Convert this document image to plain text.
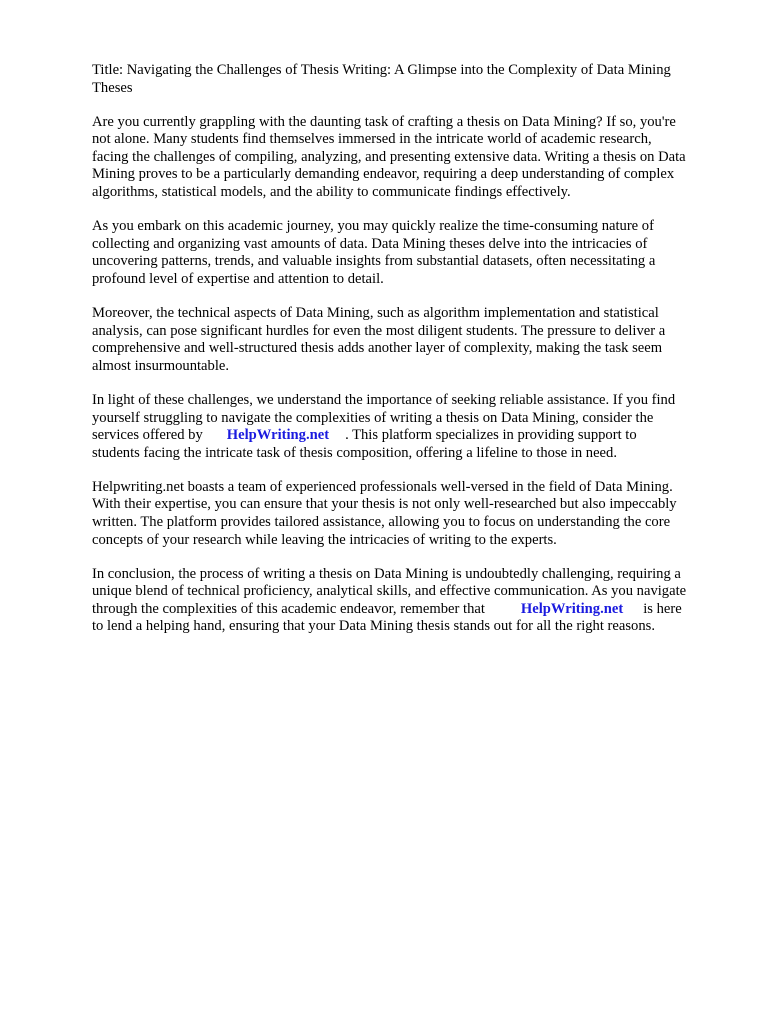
Title: Navigating the Challenges of Thesis Writing: A Glimpse into the Complexity of Data Mining
Theses

Are you currently grappling with the daunting task of crafting a thesis on Data Mining? If so, you're
not alone. Many students find themselves immersed in the intricate world of academic research,
facing the challenges of compiling, analyzing, and presenting extensive data. Writing a thesis on Data
Mining proves to be a particularly demanding endeavor, requiring a deep understanding of complex
algorithms, statistical models, and the ability to communicate findings effectively.

As you embark on this academic journey, you may quickly realize the time-consuming nature of
collecting and organizing vast amounts of data. Data Mining theses delve into the intricacies of
uncovering patterns, trends, and valuable insights from substantial datasets, often necessitating a
profound level of expertise and attention to detail.

Moreover, the technical aspects of Data Mining, such as algorithm implementation and statistical
analysis, can pose significant hurdles for even the most diligent students. The pressure to deliver a
comprehensive and well-structured thesis adds another layer of complexity, making the task seem
almost insurmountable.

In light of these challenges, we understand the importance of seeking reliable assistance. If you find
yourself struggling to navigate the complexities of writing a thesis on Data Mining, consider the
services offered by HelpWriting.net . This platform specializes in providing support to
students facing the intricate task of thesis composition, offering a lifeline to those in need.

Helpwriting.net boasts a team of experienced professionals well-versed in the field of Data Mining.
With their expertise, you can ensure that your thesis is not only well-researched but also impeccably
written. The platform provides tailored assistance, allowing you to focus on understanding the core
concepts of your research while leaving the intricacies of writing to the experts.

In conclusion, the process of writing a thesis on Data Mining is undoubtedly challenging, requiring a
unique blend of technical proficiency, analytical skills, and effective communication. As you navigate
through the complexities of this academic endeavor, remember that HelpWriting.net is here
to lend a helping hand, ensuring that your Data Mining thesis stands out for all the right reasons.
